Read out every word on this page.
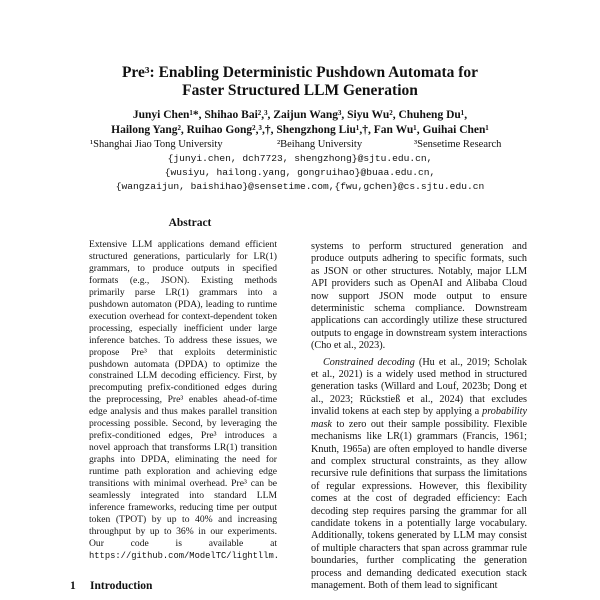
Pre³: Enabling Deterministic Pushdown Automata for
Faster Structured LLM Generation
Junyi Chen¹*, Shihao Bai²,³, Zaijun Wang³, Siyu Wu², Chuheng Du¹,
Hailong Yang², Ruihao Gong²,³,†, Shengzhong Liu¹,†, Fan Wu¹, Guihai Chen¹
¹Shanghai Jiao Tong University	²Beihang University	³Sensetime Research
{junyi.chen, dch7723, shengzhong}@sjtu.edu.cn,
{wusiyu, hailong.yang, gongruihao}@buaa.edu.cn,
{wangzaijun, baishihao}@sensetime.com,{fwu,gchen}@cs.sjtu.edu.cn
Abstract
Extensive LLM applications demand efficient structured generations, particularly for LR(1) grammars, to produce outputs in specified formats (e.g., JSON). Existing methods primarily parse LR(1) grammars into a pushdown automaton (PDA), leading to runtime execution overhead for context-dependent token processing, especially inefficient under large inference batches. To address these issues, we propose Pre³ that exploits deterministic pushdown automata (DPDA) to optimize the constrained LLM decoding efficiency. First, by precomputing prefix-conditioned edges during the preprocessing, Pre³ enables ahead-of-time edge analysis and thus makes parallel transition processing possible. Second, by leveraging the prefix-conditioned edges, Pre³ introduces a novel approach that transforms LR(1) transition graphs into DPDA, eliminating the need for runtime path exploration and achieving edge transitions with minimal overhead. Pre³ can be seamlessly integrated into standard LLM inference frameworks, reducing time per output token (TPOT) by up to 40% and increasing throughput by up to 36% in our experiments. Our code is available at https://github.com/ModelTC/lightllm.
1 Introduction

systems to perform structured generation and produce outputs adhering to specific formats, such as JSON or other structures. Notably, major LLM API providers such as OpenAI and Alibaba Cloud now support JSON mode output to ensure deterministic schema compliance. Downstream applications can accordingly utilize these structured outputs to engage in downstream system interactions (Cho et al., 2023).

Constrained decoding (Hu et al., 2019; Scholak et al., 2021) is a widely used method in structured generation tasks (Willard and Louf, 2023b; Dong et al., 2023; Rückstieß et al., 2024) that excludes invalid tokens at each step by applying a probability mask to zero out their sample possibility. Flexible mechanisms like LR(1) grammars (Francis, 1961; Knuth, 1965a) are often employed to handle diverse and complex structural constraints, as they allow recursive rule definitions that surpass the limitations of regular expressions. However, this flexibility comes at the cost of degraded efficiency: Each decoding step requires parsing the grammar for all candidate tokens in a potentially large vocabulary. Additionally, tokens generated by LLM may consist of multiple characters that span across grammar rule boundaries, further complicating the generation process and demanding dedicated execution stack management. Both of them lead to significant
